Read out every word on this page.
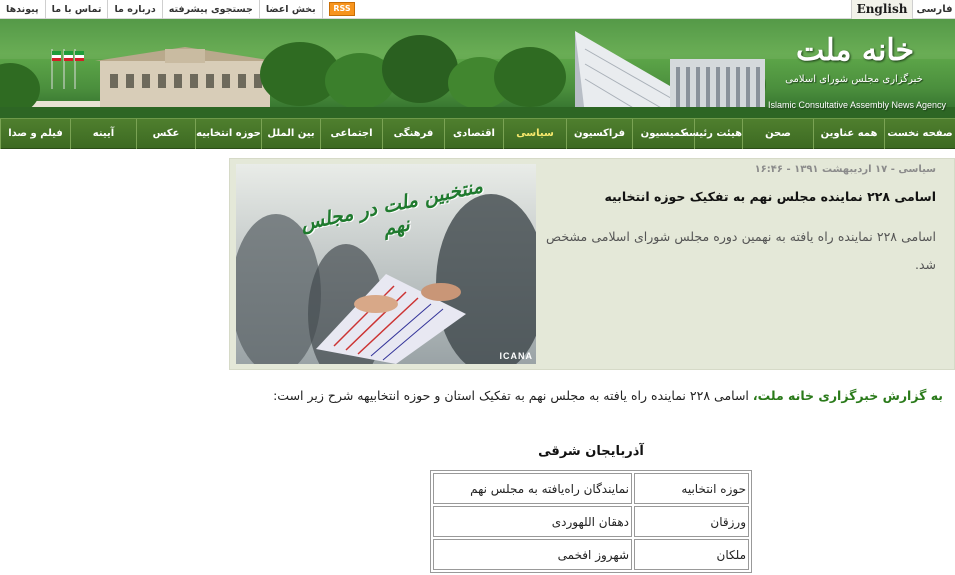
پیوندها	تماس با ما	درباره ما	جستجوی پیشرفته	بخش اعضا	RSS	English فارسی
خانه ملت
خبرگزاری مجلس شورای اسلامی
Islamic Consultative Assembly News Agency
صفحه نخست
همه عناوین
صحن
هیئت رئیسه
کمیسیون
فراکسیون
سیاسی
اقتصادی
فرهنگی
اجتماعی
بین الملل
حوزه انتخابیه
عکس
آیینه
فیلم و صدا
منتخبین ملت در مجلس نهم
ICANA
سیاسی - ۱۷ اردیبهشت ۱۳۹۱ - ۱۶:۴۶
اسامی ۲۲۸ نماینده مجلس نهم به تفکیک حوزه انتخابیه
اسامی ۲۲۸ نماینده راه یافته به نهمین دوره مجلس شورای اسلامی مشخص شد.
به گزارش خبرگزاری خانه ملت، اسامی ۲۲۸ نماینده راه یافته به مجلس نهم به تفکیک استان و حوزه انتخابیهه شرح زیر است:
آذربایجان شرقی
حوزه انتخابیه	نمایندگان راه‌یافته به مجلس نهم
ورزقان	دهقان اللهوردی
ملکان	شهروز افخمی
